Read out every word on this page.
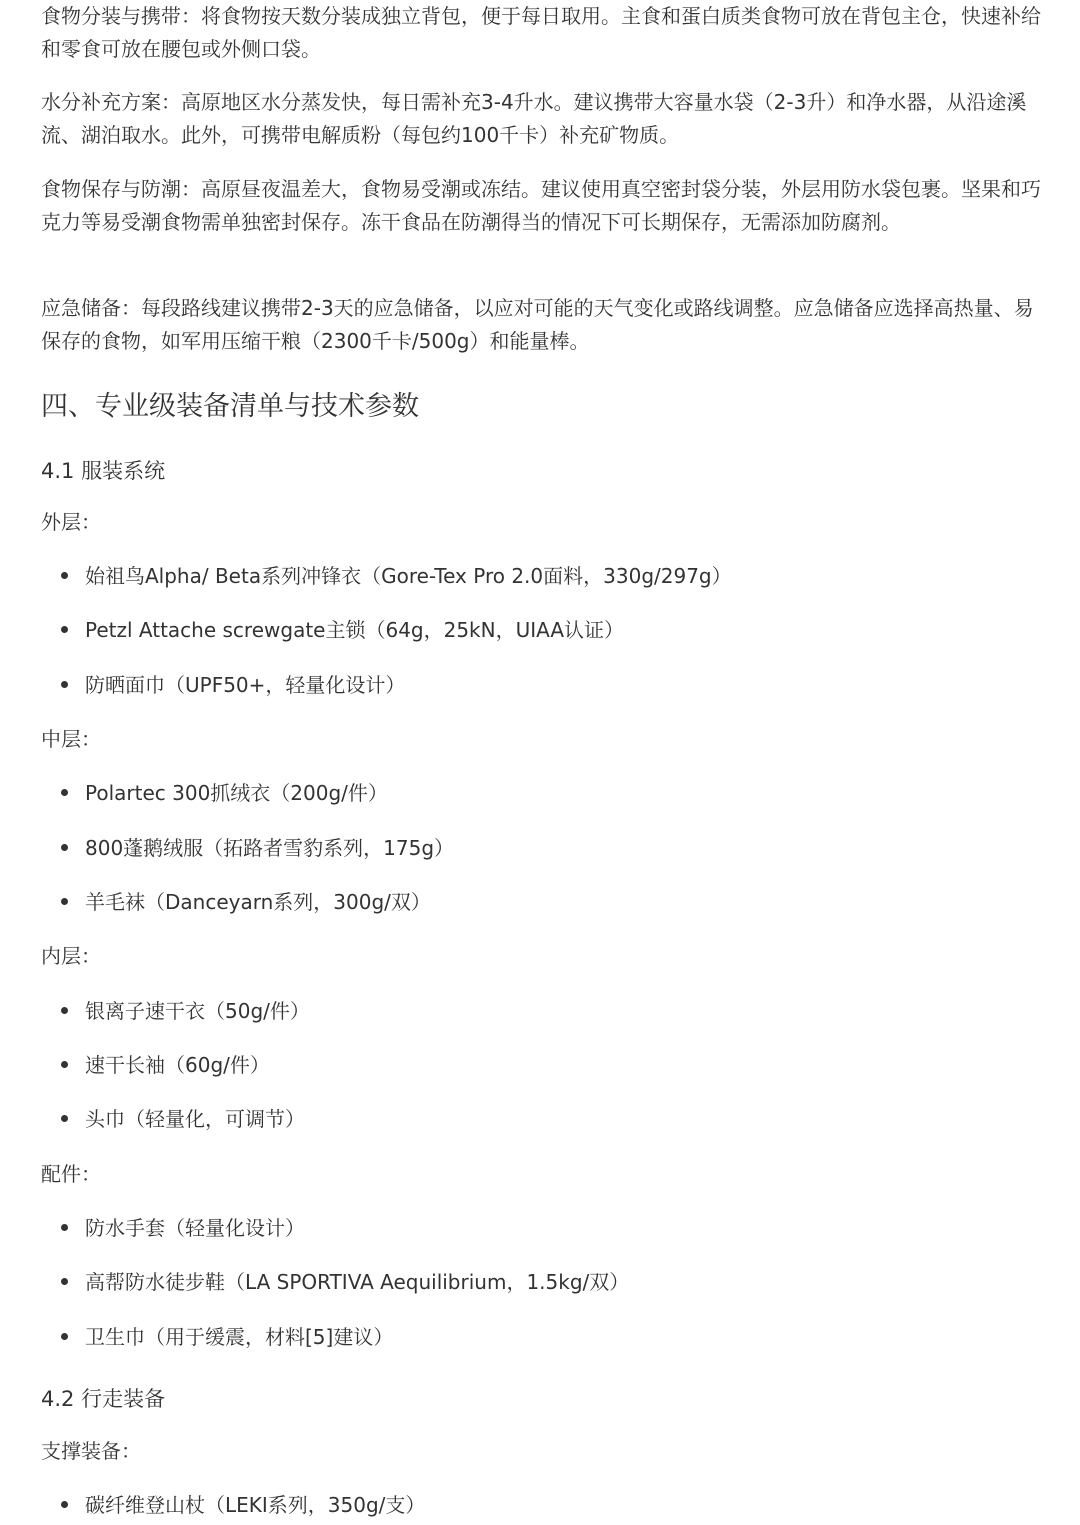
食物分装与携带：将食物按天数分装成独立背包，便于每日取用。主食和蛋白质类食物可放在背包主仓，快速补给和零食可放在腰包或外侧口袋。

水分补充方案：高原地区水分蒸发快，每日需补充3-4升水。建议携带大容量水袋（2-3升）和净水器，从沿途溪流、湖泊取水。此外，可携带电解质粉（每包约100千卡）补充矿物质。

食物保存与防潮：高原昼夜温差大，食物易受潮或冻结。建议使用真空密封袋分装，外层用防水袋包裹。坚果和巧克力等易受潮食物需单独密封保存。冻干食品在防潮得当的情况下可长期保存，无需添加防腐剂。

应急储备：每段路线建议携带2-3天的应急储备，以应对可能的天气变化或路线调整。应急储备应选择高热量、易保存的食物，如军用压缩干粮（2300千卡/500g）和能量棒。

四、专业级装备清单与技术参数
4.1 服装系统
外层：
始祖鸟Alpha/ Beta系列冲锋衣（Gore-Tex Pro 2.0面料，330g/297g）
Petzl Attache screwgate主锁（64g，25kN，UIAA认证）
防晒面巾（UPF50+，轻量化设计）
中层：
Polartec 300抓绒衣（200g/件）
800蓬鹅绒服（拓路者雪豹系列，175g）
羊毛袜（Danceyarn系列，300g/双）
内层：
银离子速干衣（50g/件）
速干长袖（60g/件）
头巾（轻量化，可调节）
配件：
防水手套（轻量化设计）
高帮防水徒步鞋（LA SPORTIVA Aequilibrium，1.5kg/双）
卫生巾（用于缓震，材料[5]建议）
4.2 行走装备
支撑装备：
碳纤维登山杖（LEKI系列，350g/支）
